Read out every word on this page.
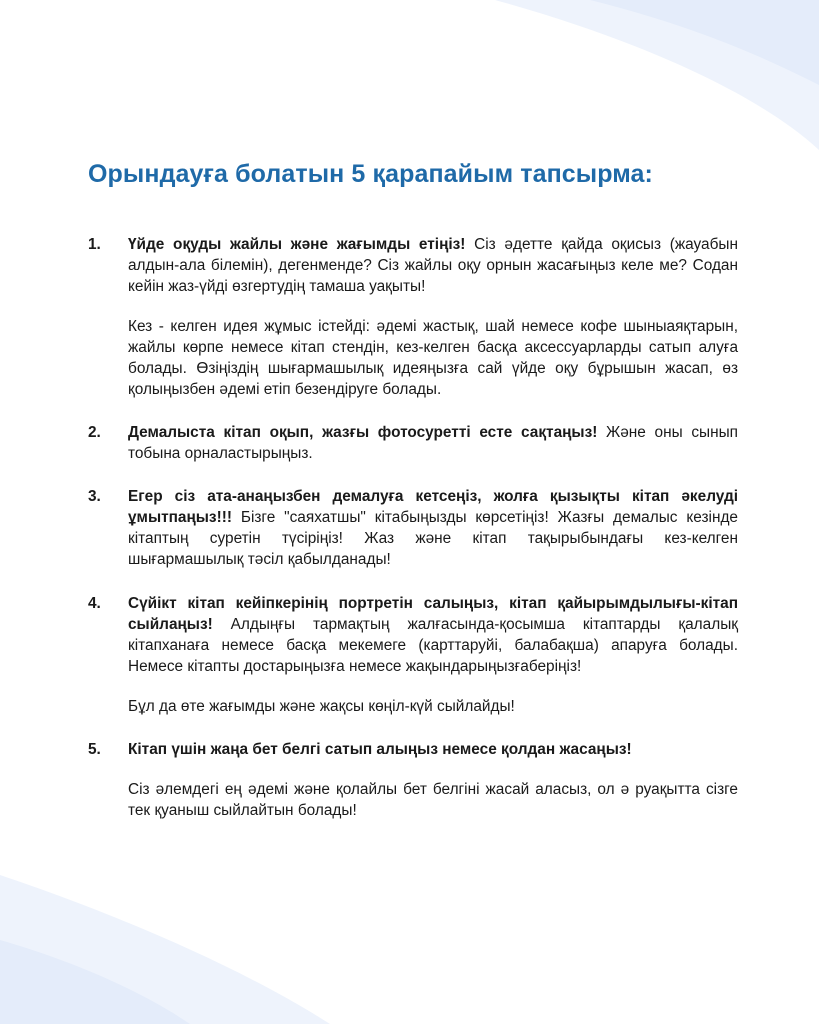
Орындауға болатын 5 қарапайым тапсырма:
1. Үйде оқуды жайлы және жағымды етіңіз! Сіз әдетте қайда оқисыз (жауабын алдын-ала білемін), дегенменде? Сіз жайлы оқу орнын жасағыңыз келе ме? Содан кейін жаз-үйді өзгертудің тамаша уақыты!

Кез - келген идея жұмыс істейді: әдемі жастық, шай немесе кофе шыныаяқтарын, жайлы көрпе немесе кітап стендін, кез-келген басқа аксессуарларды сатып алуға болады. Өзіңіздің шығармашылық идеяңызға сай үйде оқу бұрышын жасап, өз қолыңызбен әдемі етіп безендіруге болады.

2. Демалыста кітап оқып, жазғы фотосуретті есте сақтаңыз! Және оны сынып тобына орналастырыңыз.

3. Егер сіз ата-анаңызбен демалуға кетсеңіз, жолға қызықты кітап әкелуді ұмытпаңыз!!! Бізге "саяхатшы" кітабыңызды көрсетіңіз! Жазғы демалыс кезінде кітаптың суретін түсіріңіз! Жаз және кітап тақырыбындағы кез-келген шығармашылық тәсіл қабылданады!

4. Сүйікт кітап кейіпкерінің портретін салыңыз, кітап қайырымдылығы-кітап сыйлаңыз! Алдыңғы тармақтың жалғасында-қосымша кітаптарды қалалық кітапханаға немесе басқа мекемеге (карттаруйі, балабақша) апаруға болады. Немесе кітапты достарыңызға немесе жақындарыңызғаберіңіз!

Бұл да өте жағымды және жақсы көңіл-күй сыйлайды!

5. Кітап үшін жаңа бет белгі сатып алыңыз немесе қолдан жасаңыз!

Сіз әлемдегі ең әдемі және қолайлы бет белгіні жасай аласыз, ол ә руақытта сізге тек қуаныш сыйлайтын болады!
